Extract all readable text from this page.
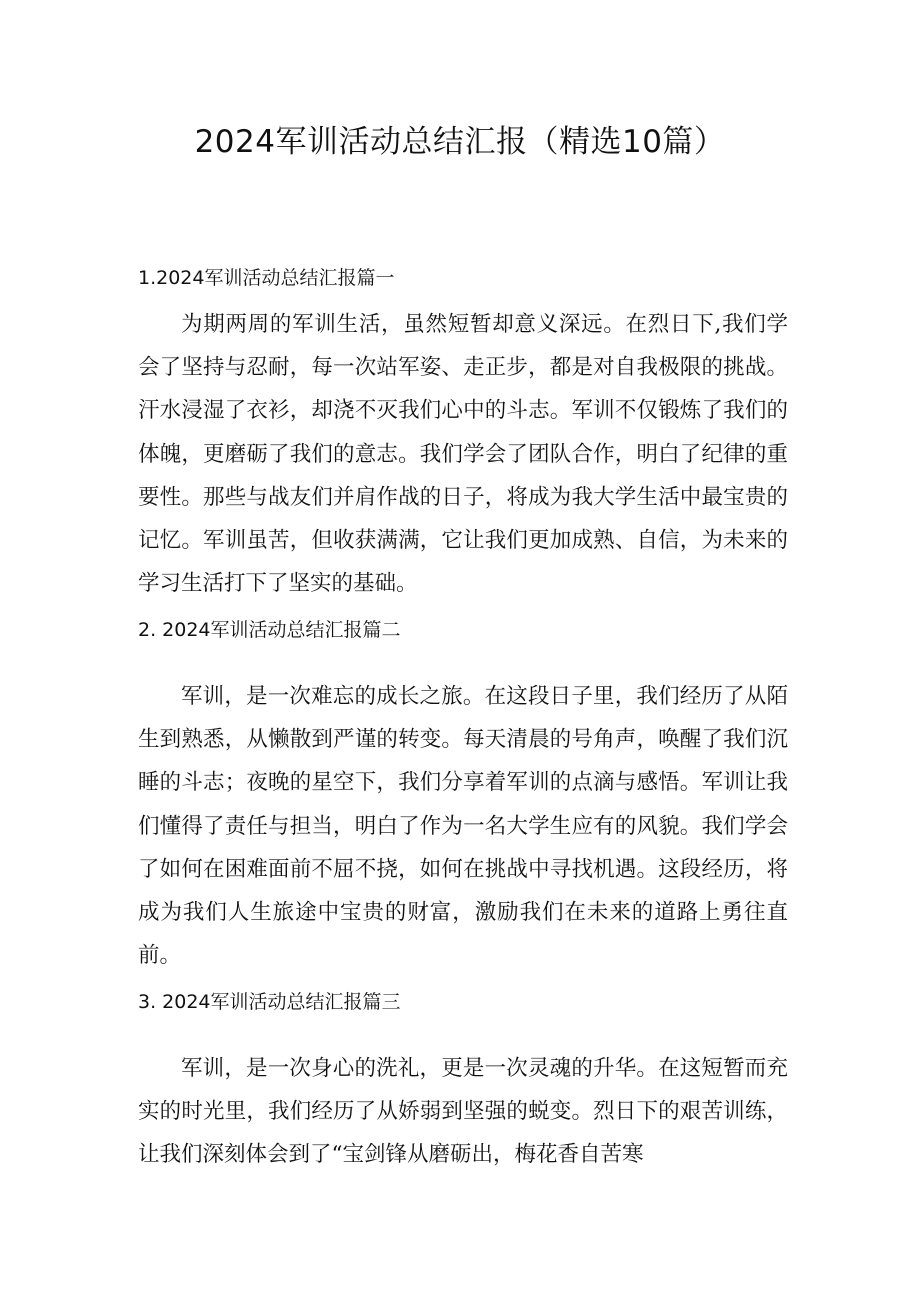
2024军训活动总结汇报（精选10篇）
1.2024军训活动总结汇报篇一

为期两周的军训生活，虽然短暂却意义深远。在烈日下,我们学会了坚持与忍耐，每一次站军姿、走正步，都是对自我极限的挑战。汗水浸湿了衣衫，却浇不灭我们心中的斗志。军训不仅锻炼了我们的体魄，更磨砺了我们的意志。我们学会了团队合作，明白了纪律的重要性。那些与战友们并肩作战的日子，将成为我大学生活中最宝贵的记忆。军训虽苦，但收获满满，它让我们更加成熟、自信，为未来的学习生活打下了坚实的基础。

2. 2024军训活动总结汇报篇二

军训，是一次难忘的成长之旅。在这段日子里，我们经历了从陌生到熟悉，从懒散到严谨的转变。每天清晨的号角声，唤醒了我们沉睡的斗志；夜晚的星空下，我们分享着军训的点滴与感悟。军训让我们懂得了责任与担当，明白了作为一名大学生应有的风貌。我们学会了如何在困难面前不屈不挠，如何在挑战中寻找机遇。这段经历，将成为我们人生旅途中宝贵的财富，激励我们在未来的道路上勇往直前。

3. 2024军训活动总结汇报篇三

军训，是一次身心的洗礼，更是一次灵魂的升华。在这短暂而充实的时光里，我们经历了从娇弱到坚强的蜕变。烈日下的艰苦训练，让我们深刻体会到了“宝剑锋从磨砺出，梅花香自苦寒
